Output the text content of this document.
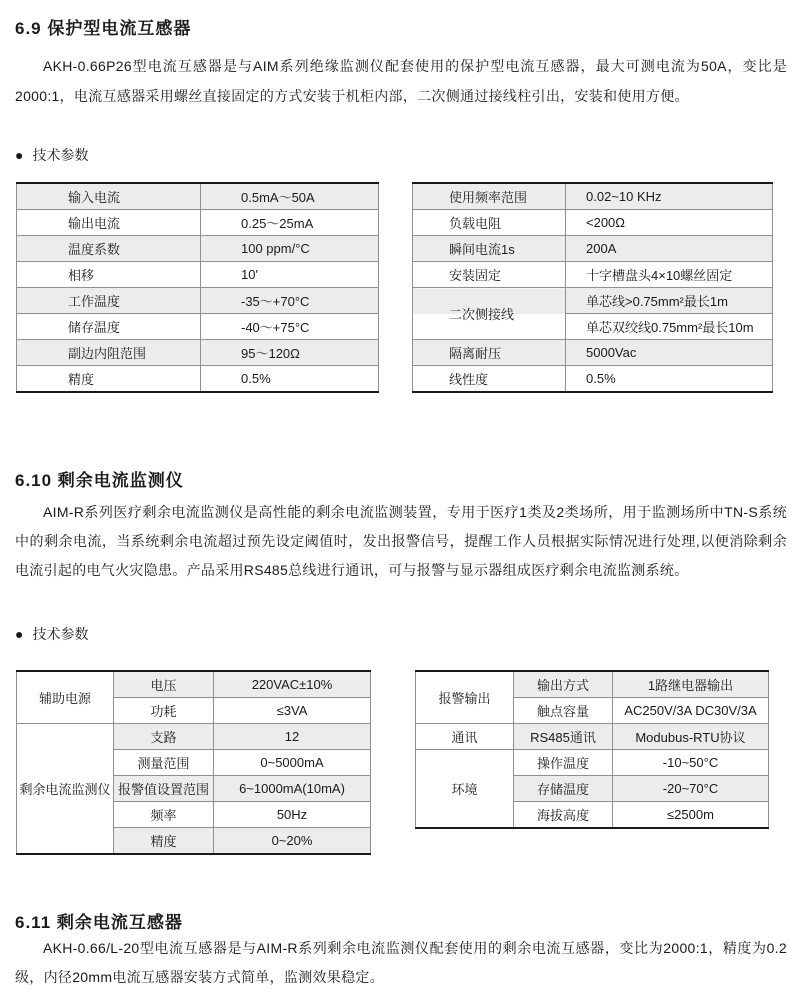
6.9 保护型电流互感器

AKH-0.66P26型电流互感器是与AIM系列绝缘监测仪配套使用的保护型电流互感器，最大可测电流为50A，变比是2000:1，电流互感器采用螺丝直接固定的方式安装于机柜内部，二次侧通过接线柱引出，安装和使用方便。

● 技术参数
输入电流	0.5mA～50A
输出电流	0.25～25mA
温度系数	100 ppm/°C
相移	10'
工作温度	-35～+70°C
储存温度	-40～+75°C
副边内阻范围	95～120Ω
精度	0.5%
使用频率范围	0.02~10 KHz
负载电阻	<200Ω
瞬间电流1s	200A
安装固定	十字槽盘头4×10螺丝固定
二次侧接线	单芯线>0.75mm²最长1m
	单芯双绞线0.75mm²最长10m
隔离耐压	5000Vac
线性度	0.5%
6.10 剩余电流监测仪

AIM-R系列医疗剩余电流监测仪是高性能的剩余电流监测装置，专用于医疗1类及2类场所，用于监测场所中TN-S系统中的剩余电流，当系统剩余电流超过预先设定阈值时，发出报警信号，提醒工作人员根据实际情况进行处理,以便消除剩余电流引起的电气火灾隐患。产品采用RS485总线进行通讯，可与报警与显示器组成医疗剩余电流监测系统。

● 技术参数
辅助电源	电压	220VAC±10%
	功耗	≤3VA
剩余电流监测仪	支路	12
	测量范围	0~5000mA
	报警值设置范围	6~1000mA(10mA)
	频率	50Hz
	精度	0~20%
报警输出	输出方式	1路继电器输出
	触点容量	AC250V/3A DC30V/3A
通讯	RS485通讯	Modubus-RTU协议
环境	操作温度	-10~50°C
	存储温度	-20~70°C
	海拔高度	≤2500m
6.11 剩余电流互感器

AKH-0.66/L-20型电流互感器是与AIM-R系列剩余电流监测仪配套使用的剩余电流互感器，变比为2000:1，精度为0.2级，内径20mm电流互感器安装方式简单，监测效果稳定。
